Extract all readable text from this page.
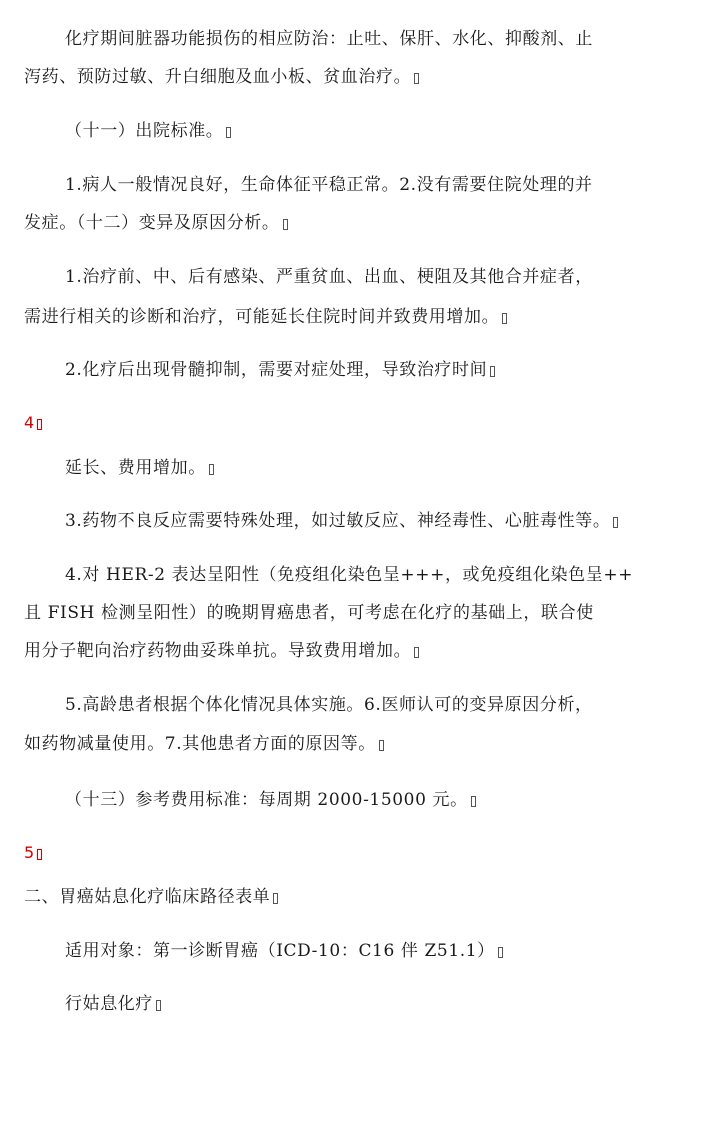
化疗期间脏器功能损伤的相应防治：止吐、保肝、水化、抑酸剂、止
泻药、预防过敏、升白细胞及血小板、贫血治疗。
（十一）出院标准。
1.病人一般情况良好，生命体征平稳正常。2.没有需要住院处理的并
发症。（十二）变异及原因分析。
1.治疗前、中、后有感染、严重贫血、出血、梗阻及其他合并症者，
需进行相关的诊断和治疗，可能延长住院时间并致费用增加。
2.化疗后出现骨髓抑制，需要对症处理，导致治疗时间
4
延长、费用增加。
3.药物不良反应需要特殊处理，如过敏反应、神经毒性、心脏毒性等。
4.对 HER-2 表达呈阳性（免疫组化染色呈+++，或免疫组化染色呈++
且 FISH 检测呈阳性）的晚期胃癌患者，可考虑在化疗的基础上，联合使
用分子靶向治疗药物曲妥珠单抗。导致费用增加。
5.高龄患者根据个体化情况具体实施。6.医师认可的变异原因分析，
如药物减量使用。7.其他患者方面的原因等。
（十三）参考费用标准：每周期 2000-15000 元。
5
二、胃癌姑息化疗临床路径表单
适用对象：第一诊断胃癌（ICD-10：C16 伴 Z51.1）
行姑息化疗
